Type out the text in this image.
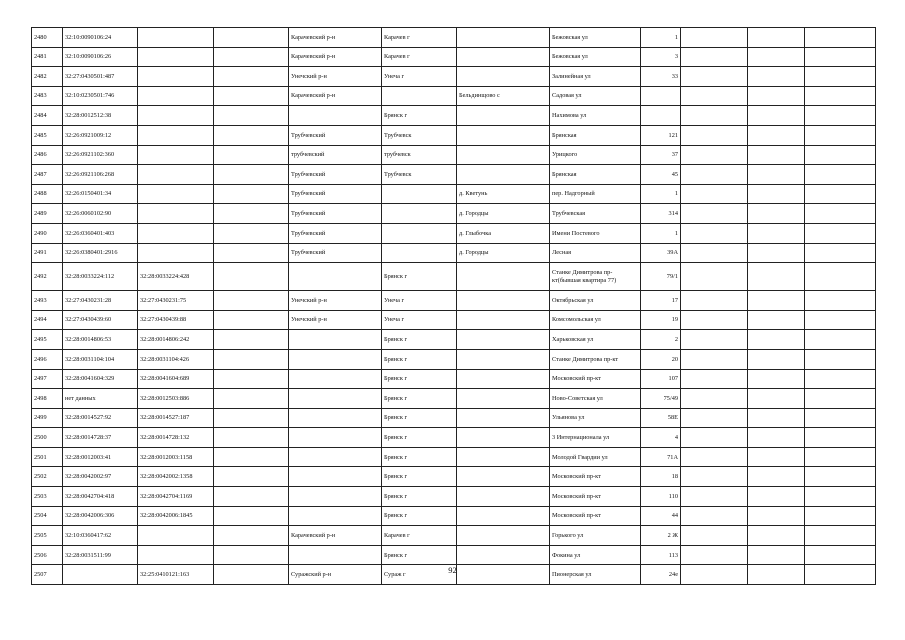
2480	32:10:0090106:24			Карачевский р-н	Карачев г		Бежовская ул	1			
2481	32:10:0090106:26			Карачевский р-н	Карачев г		Бежовская ул	3			
2482	32:27:0430501:487			Унечский р-н	Унеча г		Залинейная ул	33			
2483	32:10:0230501:746			Карачевский р-н		Бельдинщово с	Садовая ул				
2484	32:28:0012512:38				Брянск г		Нахимова ул				
2485	32:26:0921009:12			Трубчевский	Трубчевск		Брянская	121			
2486	32:26:0921102:360			трубчевский	трубчевск		Урицкого	37			
2487	32:26:0921106:268			Трубчевский	Трубчевск		Брянская	45			
2488	32:26:0150401:34			Трубчевский		д. Кветунь	пер. Надгорный	1			
2489	32:26:0060102:90			Трубчевский		д. Городцы	Трубчевская	314			
2490	32:26:0360401:403			Трубчевский		д. Глыбочка	Имени Постевого	1			
2491	32:26:0380401:2916			Трубчевский		д. Городцы	Лесная	39А			
2492	32:28:0033224:112	32:28:0033224:428			Брянск г		Станке Димитрова пр-кт(бывшая квартира 77)	79/1			
2493	32:27:0430231:28	32:27:0430231:75		Унечский р-н	Унеча г		Октябрьская ул	17			
2494	32:27:0430439:60	32:27:0430439:88		Унечский р-н	Унеча г		Комсомольская ул	19			
2495	32:28:0014806:53	32:28:0014806:242			Брянск г		Харьковская ул	2			
2496	32:28:0031104:104	32:28:0031104:426			Брянск г		Станке Димитрова пр-кт	20			
2497	32:28:0041604:329	32:28:0041604:689			Брянск г		Московский пр-кт	107			
2498	нет данных	32:28:0012503:886			Брянск г		Ново-Советская ул	75/49			
2499	32:28:0014527:92	32:28:0014527:187			Брянск г		Ульянова ул	58Е			
2500	32:28:0014728:37	32:28:0014728:132			Брянск г		3 Интернационала ул	4			
2501	32:28:0012003:41	32:28:0012003:1158			Брянск г		Молодой Гвардии ул	71А			
2502	32:28:0042002:97	32:28:0042002:1358			Брянск г		Московский пр-кт	18			
2503	32:28:0042704:418	32:28:0042704:1169			Брянск г		Московский пр-кт	110			
2504	32:28:0042006:306	32:28:0042006:1845			Брянск г		Московский пр-кт	44			
2505	32:10:0360417:62			Карачевский р-н	Карачев г		Горького ул	2 Ж			
2506	32:28:0031511:99				Брянск г		Фокина ул	113			
2507		32:25:0410121:163		Суражский р-н	Сураж г		Пионерская ул	24е			
92
